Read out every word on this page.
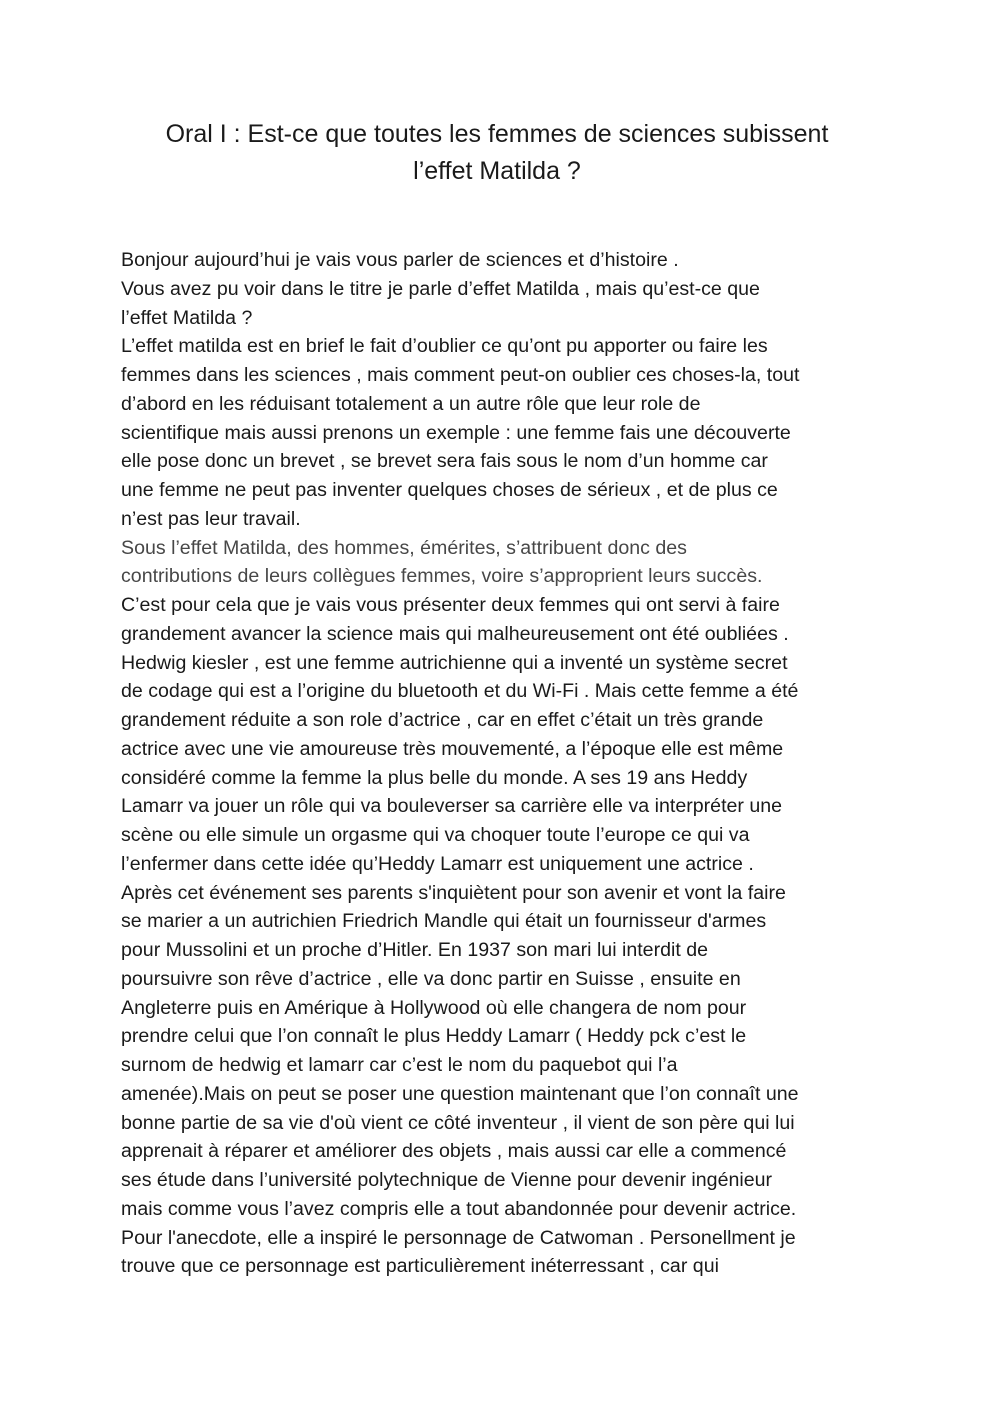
Oral I : Est-ce que toutes les femmes de sciences subissent
l’effet Matilda ?
Bonjour aujourd’hui je vais vous parler de sciences et d’histoire .
Vous avez pu voir dans le titre je parle d’effet Matilda , mais qu’est-ce que
l’effet Matilda ?
L’effet matilda est en brief le fait d’oublier ce qu’ont pu apporter ou faire les
femmes dans les sciences , mais comment peut-on oublier ces choses-la, tout
d’abord en les réduisant totalement a un autre rôle que leur role de
scientifique mais aussi prenons un exemple : une femme fais une découverte
elle pose donc un brevet , se brevet sera fais sous le nom d’un homme car
une femme ne peut pas inventer quelques choses de sérieux , et de plus ce
n’est pas leur travail.
Sous l’effet Matilda, des hommes, émérites, s’attribuent donc des
contributions de leurs collègues femmes, voire s’approprient leurs succès.
C’est pour cela que je vais vous présenter deux femmes qui ont servi à faire
grandement avancer la science mais qui malheureusement ont été oubliées .
Hedwig kiesler , est une femme autrichienne qui a inventé un système secret
de codage qui est a l’origine du bluetooth et du Wi-Fi . Mais cette femme a été
grandement réduite a son role d’actrice , car en effet c’était un très grande
actrice avec une vie amoureuse très mouvementé, a l’époque elle est même
considéré comme la femme la plus belle du monde. A ses 19 ans Heddy
Lamarr va jouer un rôle qui va bouleverser sa carrière elle va interpréter une
scène ou elle simule un orgasme qui va choquer toute l’europe ce qui va
l’enfermer dans cette idée qu’Heddy Lamarr est uniquement une actrice .
Après cet événement ses parents s'inquiètent pour son avenir et vont la faire
se marier a un autrichien Friedrich Mandle qui était un fournisseur d'armes
pour Mussolini et un proche d’Hitler. En 1937 son mari lui interdit de
poursuivre son rêve d’actrice , elle va donc partir en Suisse , ensuite en
Angleterre puis en Amérique à Hollywood où elle changera de nom pour
prendre celui que l’on connaît le plus Heddy Lamarr ( Heddy pck c’est le
surnom de hedwig et lamarr car c’est le nom du paquebot qui l’a
amenée).Mais on peut se poser une question maintenant que l’on connaît une
bonne partie de sa vie d'où vient ce côté inventeur , il vient de son père qui lui
apprenait à réparer et améliorer des objets , mais aussi car elle a commencé
ses étude dans l’université polytechnique de Vienne pour devenir ingénieur
mais comme vous l’avez compris elle a tout abandonnée pour devenir actrice.
Pour l'anecdote, elle a inspiré le personnage de Catwoman . Personellment je
trouve que ce personnage est particulièrement inéterressant , car qui
